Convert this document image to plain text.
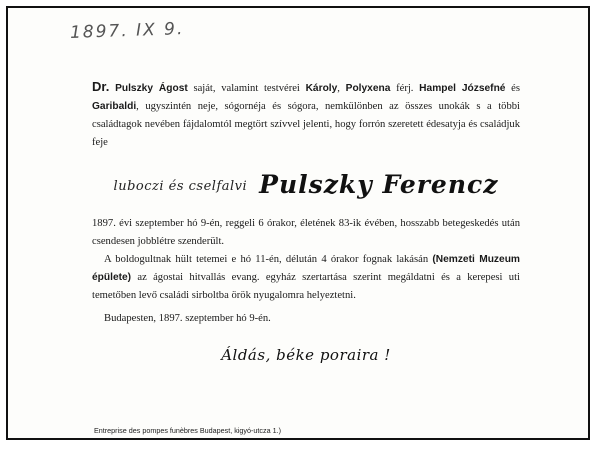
1897. IX 9.
Dr. Pulszky Ágost saját, valamint testvérei Károly, Polyxena férj. Hampel Józsefné és Garibaldi, ugyszintén neje, sógornéja és sógora, nemkülönben az összes unokák s a többi családtagok nevében fájdalomtól megtört szívvel jelenti, hogy forrón szeretett édesatyja és családjuk feje
luboczi és cselfalvi Pulszky Ferencz
1897. évi szeptember hó 9-én, reggeli 6 órakor, életének 83-ik évében, hosszabb betegeskedés után csendesen jobblétre szenderült.
A boldogultnak hült tetemei e hó 11-én, délután 4 órakor fognak lakásán (Nemzeti Muzeum épülete) az ágostai hitvallás evang. egyház szertartása szerint megáldatni és a kerepesi uti temetőben levő családi sirboltba örök nyugalomra helyeztetni.
Budapesten, 1897. szeptember hó 9-én.
Áldás, béke poraira !
Entreprise des pompes funèbres Budapest, kigyó-utcza 1.)
